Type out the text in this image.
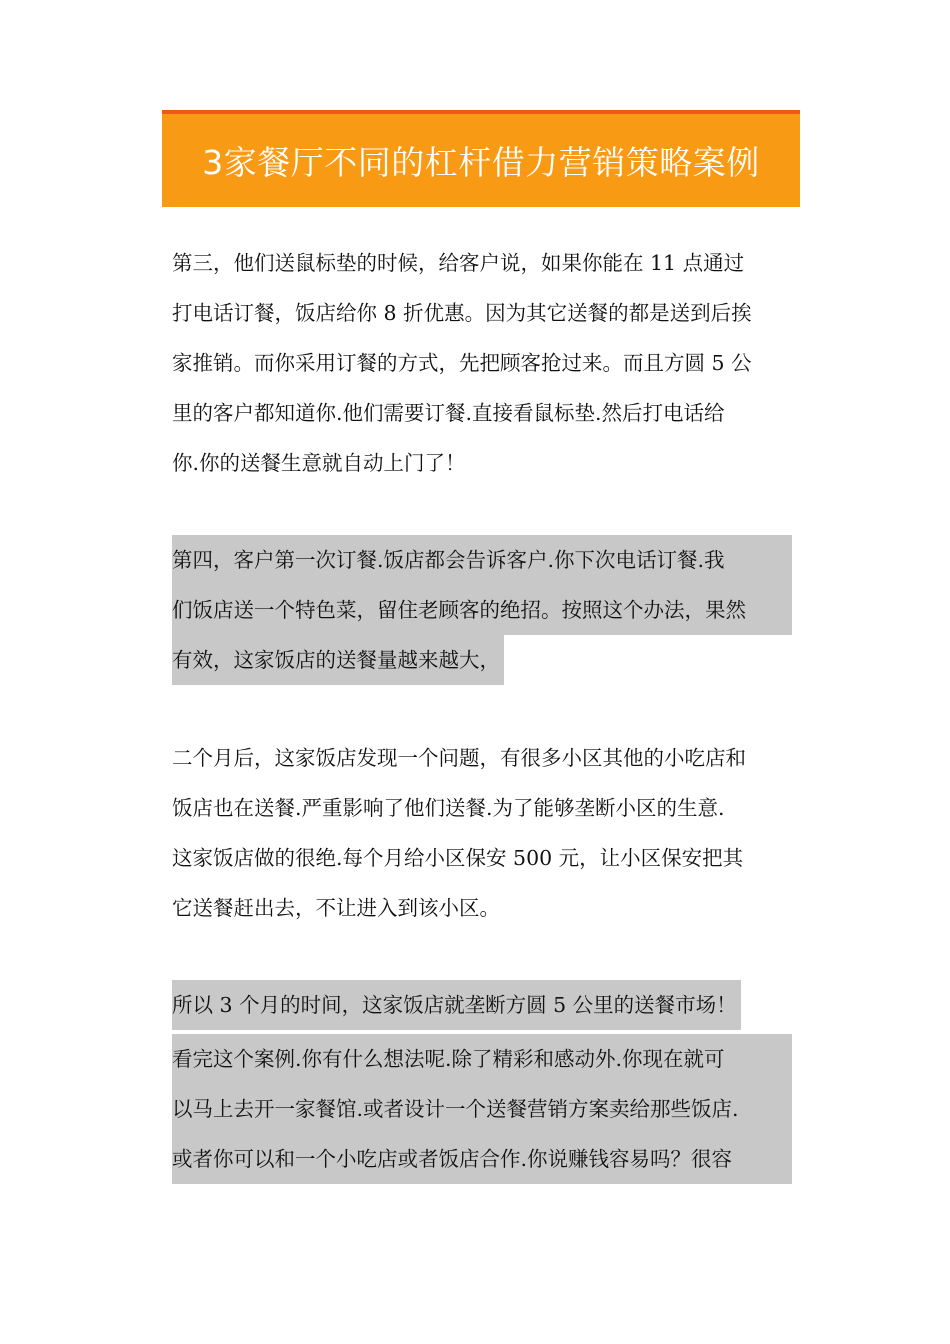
3家餐厅不同的杠杆借力营销策略案例
第三，他们送鼠标垫的时候，给客户说，如果你能在 11 点通过
打电话订餐，饭店给你 8 折优惠。因为其它送餐的都是送到后挨
家推销。而你采用订餐的方式，先把顾客抢过来。而且方圆 5 公
里的客户都知道你.他们需要订餐.直接看鼠标垫.然后打电话给
你.你的送餐生意就自动上门了！
第四，客户第一次订餐.饭店都会告诉客户.你下次电话订餐.我
们饭店送一个特色菜，留住老顾客的绝招。按照这个办法，果然
有效，这家饭店的送餐量越来越大，
二个月后，这家饭店发现一个问题，有很多小区其他的小吃店和
饭店也在送餐.严重影响了他们送餐.为了能够垄断小区的生意.
这家饭店做的很绝.每个月给小区保安 500 元，让小区保安把其
它送餐赶出去，不让进入到该小区。
所以 3 个月的时间，这家饭店就垄断方圆 5 公里的送餐市场！
看完这个案例.你有什么想法呢.除了精彩和感动外.你现在就可
以马上去开一家餐馆.或者设计一个送餐营销方案卖给那些饭店.
或者你可以和一个小吃店或者饭店合作.你说赚钱容易吗？很容
